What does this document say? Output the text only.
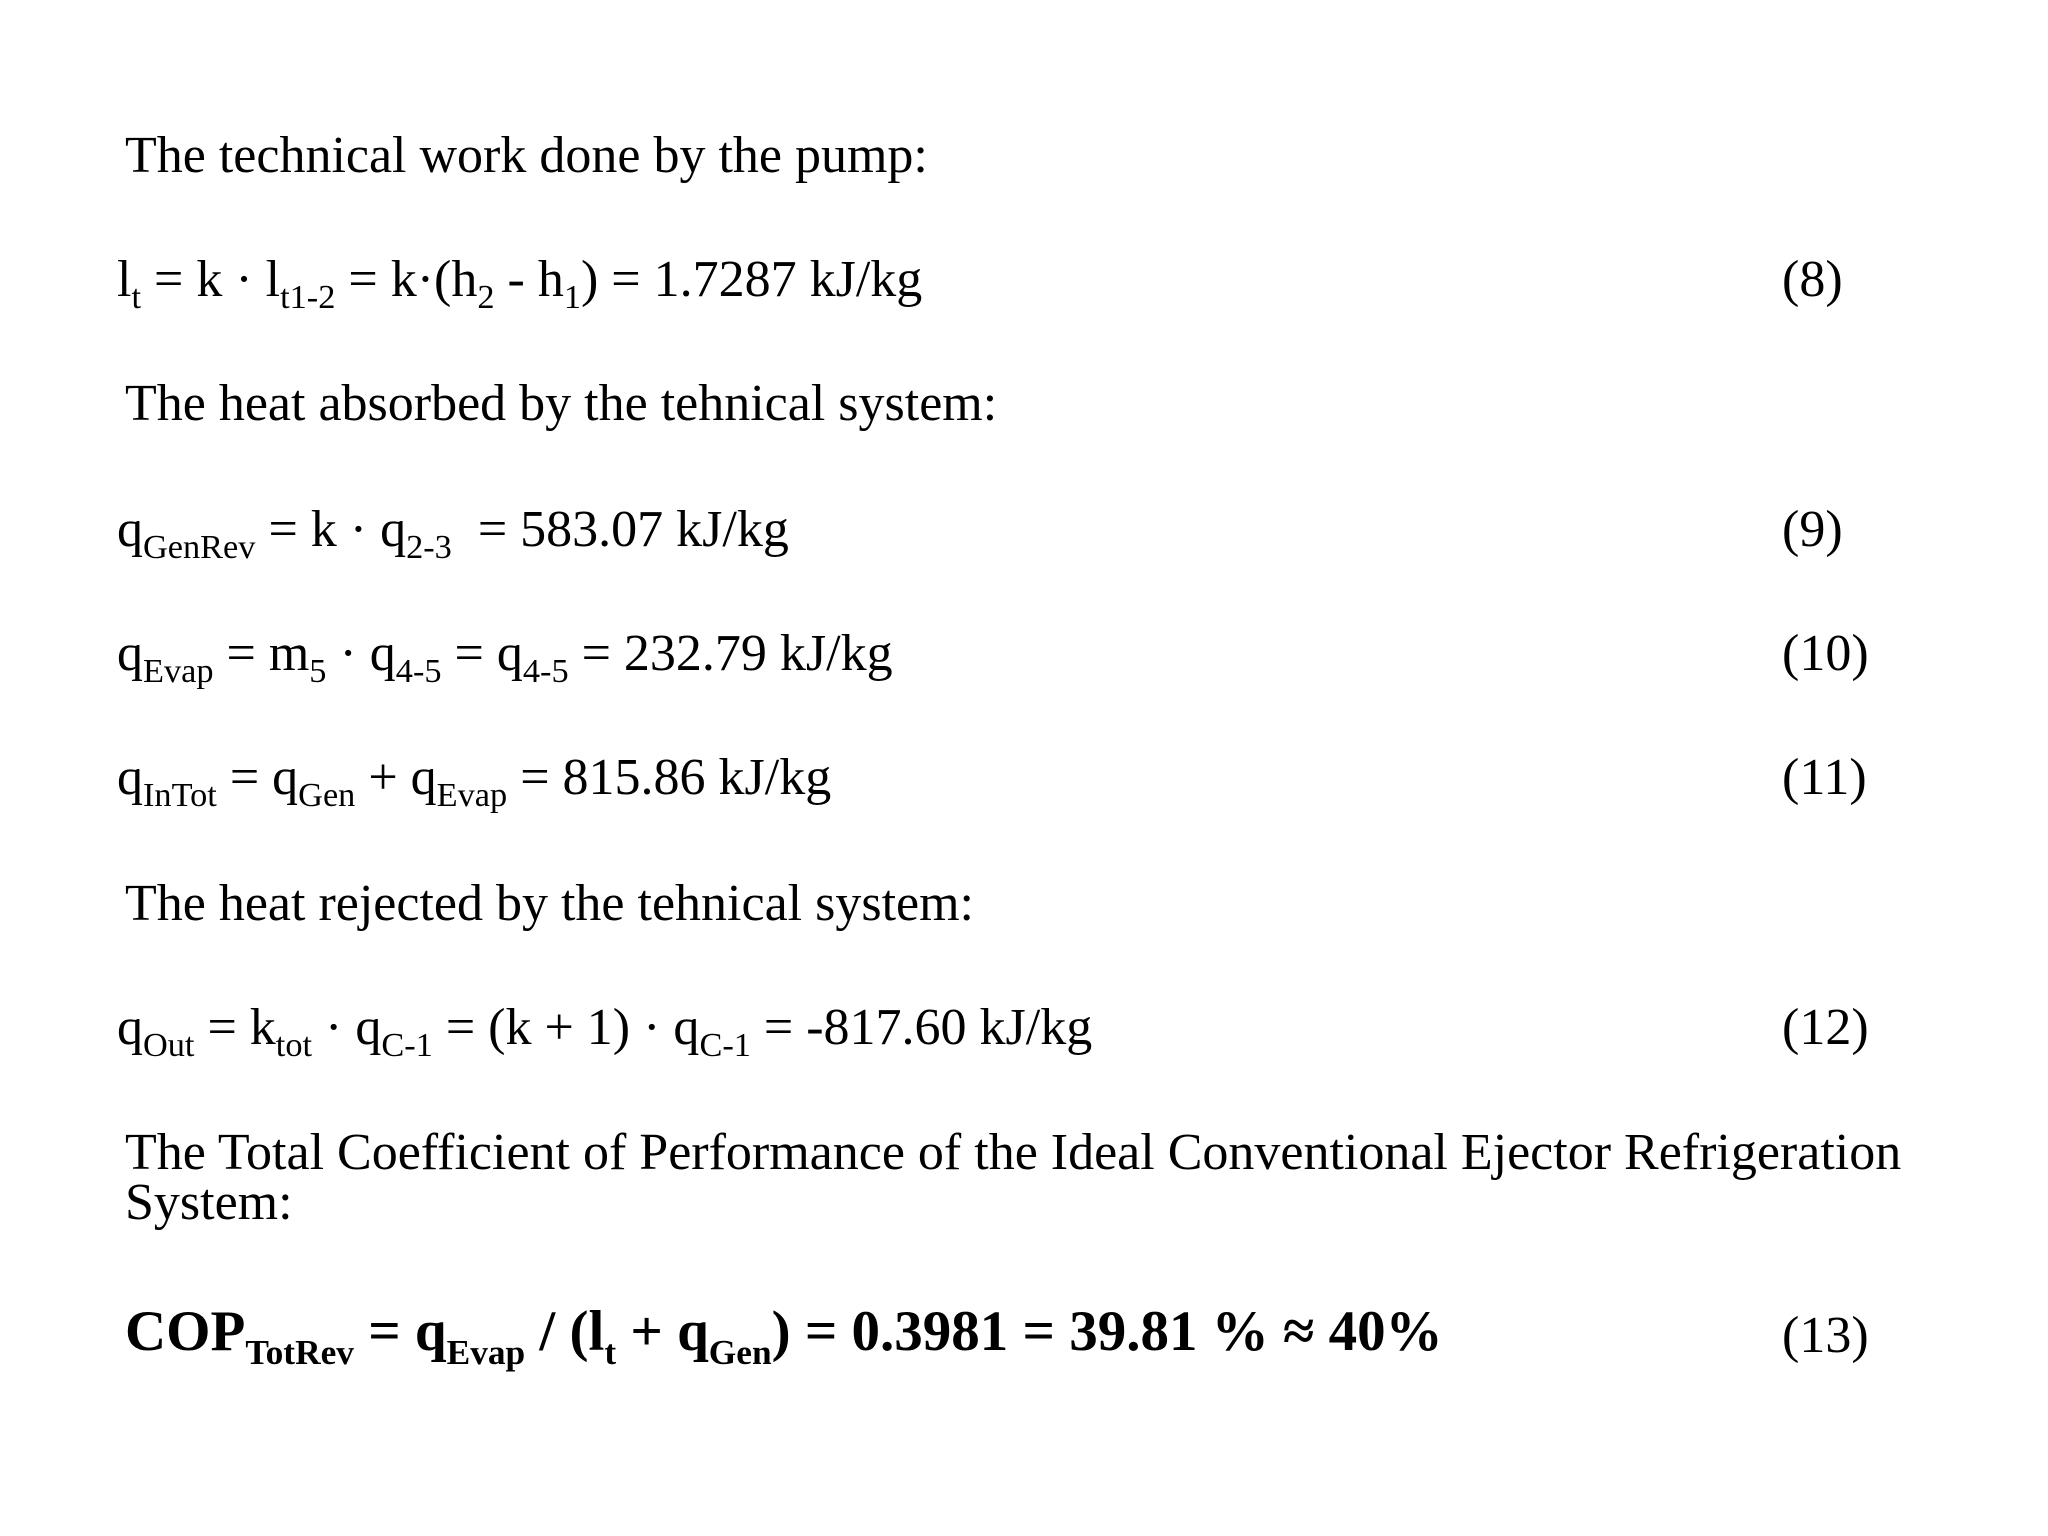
The technical work done by the pump:
$l_t = k \cdot l_{t1-2} = k\cdot(h_2 - h_1) = 1.7287$ kJ/kg	(8)
The heat absorbed by the tehnical system:
$q_{GenRev} = k \cdot q_{2-3} = 583.07$ kJ/kg	(9)
$q_{Evap} = m_5 \cdot q_{4-5} = q_{4-5} = 232.79$ kJ/kg	(10)
$q_{InTot} = q_{Gen} + q_{Evap} = 815.86$ kJ/kg	(11)
The heat rejected by the tehnical system:
$q_{Out} = k_{tot} \cdot q_{C-1} = (k + 1) \cdot q_{C-1} = -817.60$ kJ/kg	(12)
The Total Coefficient of Performance of the Ideal Conventional Ejector Refrigeration System:
$COP_{TotRev} = q_{Evap} / (l_t + q_{Gen}) = 0.3981 = 39.81$ % ≈ 40%	(13)
